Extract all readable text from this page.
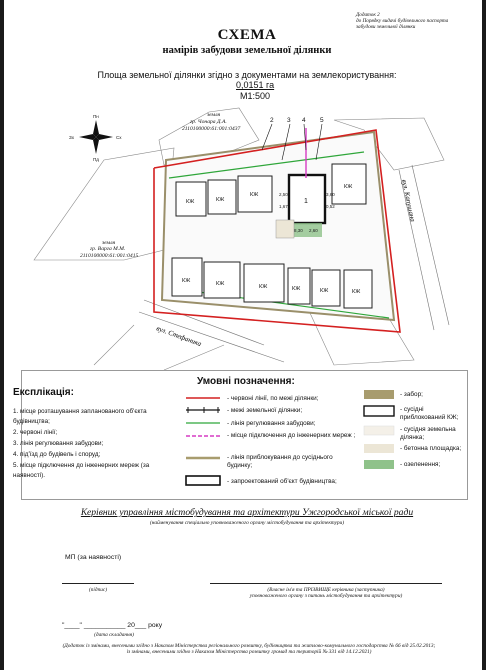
Додаток 2
до Порядку видачі будівельного паспорта
забудови земельної ділянки
СХЕМА
намірів забудови земельної ділянки
Площа земельної ділянки згідно з документами на землекористування:
0,0151 га
М1:500
КЖ	КЖ
КЖ
КЖ
КЖ	КЖ	КЖ	КЖ	КЖ	КЖ
1
8,30
2,50	3,60
1,67
2,60
0,52
2 3 4 5
земля
гр. Чонара Д.А.
2110100000:61:001:0437
земля
гр. Варга М.М.
2110100000:61:001:0415
вул. Капушана
вул. Стефаника
Пн
Пд
Зх	Сх
Експлікація:
1. місце розташування запланованого об'єкта будівництва;
2. червоні лінії;
3. лінія регулювання забудови;
4. під'їзд до будівель і споруд;
5. місце підключення до інженерних мереж (за наявності).
Умовні позначення:
- червоні лінії, по межі ділянки;
- межі земельної ділянки;
- лінія регулювання забудови;
- місце підключення до інженерних мереж ;
- лінія приблокування до сусіднього будинку;
- запроектований об'єкт будівництва;
- забор;
- сусідні приблокований КЖ;
- сусідня земельна ділянка;
- бетонна площадка;
- озеленення;
Керівник управління містобудування та архітектури Ужгородської міської ради
(найменування спеціально уповноваженого органу містобудування та архітектури)
МП (за наявності)
(підпис)	(Власне ім'я та ПРІЗВИЩЕ керівника (заступника)
уповноваженого органу з питань містобудування та архітектури)
"____" ___________ 20___ року
(дата складання)
(Додаток із змінами, внесеними згідно з Наказом Міністерства регіонального розвитку, будівництва та житлово-комунального господарства № 66 від 25.02.2013;
із змінами, внесеними згідно з Наказом Міністерства розвитку громад та територій № 331 від 14.12.2021)
